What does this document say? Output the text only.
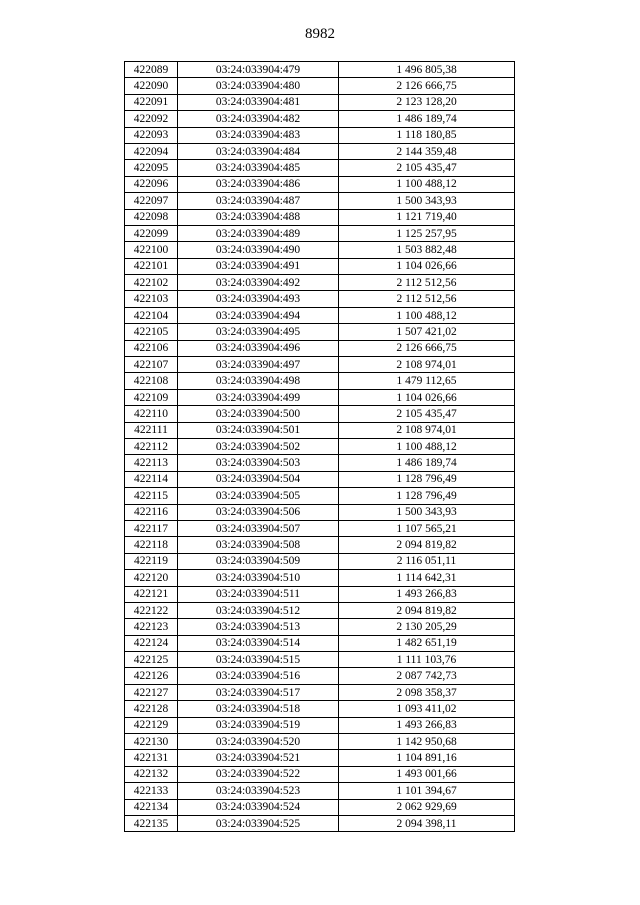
8982
422089	03:24:033904:479	1 496 805,38
422090	03:24:033904:480	2 126 666,75
422091	03:24:033904:481	2 123 128,20
422092	03:24:033904:482	1 486 189,74
422093	03:24:033904:483	1 118 180,85
422094	03:24:033904:484	2 144 359,48
422095	03:24:033904:485	2 105 435,47
422096	03:24:033904:486	1 100 488,12
422097	03:24:033904:487	1 500 343,93
422098	03:24:033904:488	1 121 719,40
422099	03:24:033904:489	1 125 257,95
422100	03:24:033904:490	1 503 882,48
422101	03:24:033904:491	1 104 026,66
422102	03:24:033904:492	2 112 512,56
422103	03:24:033904:493	2 112 512,56
422104	03:24:033904:494	1 100 488,12
422105	03:24:033904:495	1 507 421,02
422106	03:24:033904:496	2 126 666,75
422107	03:24:033904:497	2 108 974,01
422108	03:24:033904:498	1 479 112,65
422109	03:24:033904:499	1 104 026,66
422110	03:24:033904:500	2 105 435,47
422111	03:24:033904:501	2 108 974,01
422112	03:24:033904:502	1 100 488,12
422113	03:24:033904:503	1 486 189,74
422114	03:24:033904:504	1 128 796,49
422115	03:24:033904:505	1 128 796,49
422116	03:24:033904:506	1 500 343,93
422117	03:24:033904:507	1 107 565,21
422118	03:24:033904:508	2 094 819,82
422119	03:24:033904:509	2 116 051,11
422120	03:24:033904:510	1 114 642,31
422121	03:24:033904:511	1 493 266,83
422122	03:24:033904:512	2 094 819,82
422123	03:24:033904:513	2 130 205,29
422124	03:24:033904:514	1 482 651,19
422125	03:24:033904:515	1 111 103,76
422126	03:24:033904:516	2 087 742,73
422127	03:24:033904:517	2 098 358,37
422128	03:24:033904:518	1 093 411,02
422129	03:24:033904:519	1 493 266,83
422130	03:24:033904:520	1 142 950,68
422131	03:24:033904:521	1 104 891,16
422132	03:24:033904:522	1 493 001,66
422133	03:24:033904:523	1 101 394,67
422134	03:24:033904:524	2 062 929,69
422135	03:24:033904:525	2 094 398,11
